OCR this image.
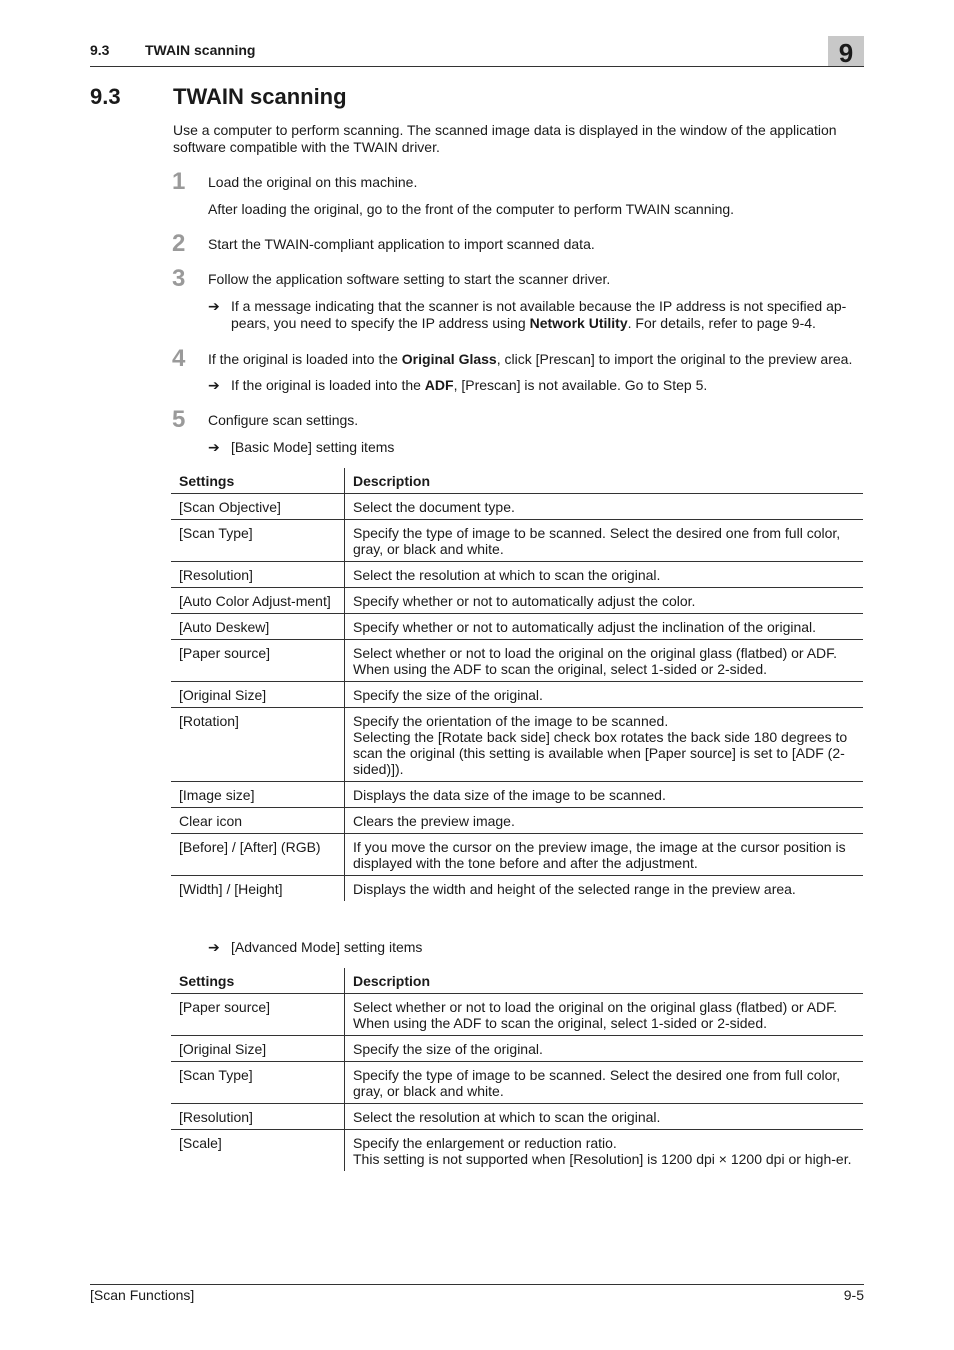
9.3	TWAIN scanning	9
9.3 TWAIN scanning

Use a computer to perform scanning. The scanned image data is displayed in the window of the application software compatible with the TWAIN driver.

1 Load the original on this machine.

After loading the original, go to the front of the computer to perform TWAIN scanning.

2 Start the TWAIN-compliant application to import scanned data.

3 Follow the application software setting to start the scanner driver.

➔ If a message indicating that the scanner is not available because the IP address is not specified ap-pears, you need to specify the IP address using Network Utility. For details, refer to page 9-4.

4 If the original is loaded into the Original Glass, click [Prescan] to import the original to the preview area.

➔ If the original is loaded into the ADF, [Prescan] is not available. Go to Step 5.

5 Configure scan settings.

➔ [Basic Mode] setting items

Settings	Description
[Scan Objective]	Select the document type.
[Scan Type]	Specify the type of image to be scanned. Select the desired one from full color, gray, or black and white.
[Resolution]	Select the resolution at which to scan the original.
[Auto Color Adjust-ment]	Specify whether or not to automatically adjust the color.
[Auto Deskew]	Specify whether or not to automatically adjust the inclination of the original.
[Paper source]	Select whether or not to load the original on the original glass (flatbed) or ADF.
When using the ADF to scan the original, select 1-sided or 2-sided.
[Original Size]	Specify the size of the original.
[Rotation]	Specify the orientation of the image to be scanned.
Selecting the [Rotate back side] check box rotates the back side 180 degrees to scan the original (this setting is available when [Paper source] is set to [ADF (2-sided)]).
[Image size]	Displays the data size of the image to be scanned.
Clear icon	Clears the preview image.
[Before] / [After] (RGB)	If you move the cursor on the preview image, the image at the cursor position is displayed with the tone before and after the adjustment.
[Width] / [Height]	Displays the width and height of the selected range in the preview area.

➔ [Advanced Mode] setting items

Settings	Description
[Paper source]	Select whether or not to load the original on the original glass (flatbed) or ADF.
When using the ADF to scan the original, select 1-sided or 2-sided.
[Original Size]	Specify the size of the original.
[Scan Type]	Specify the type of image to be scanned. Select the desired one from full color, gray, or black and white.
[Resolution]	Select the resolution at which to scan the original.
[Scale]	Specify the enlargement or reduction ratio.
This setting is not supported when [Resolution] is 1200 dpi × 1200 dpi or high-er.
[Scan Functions]	9-5
